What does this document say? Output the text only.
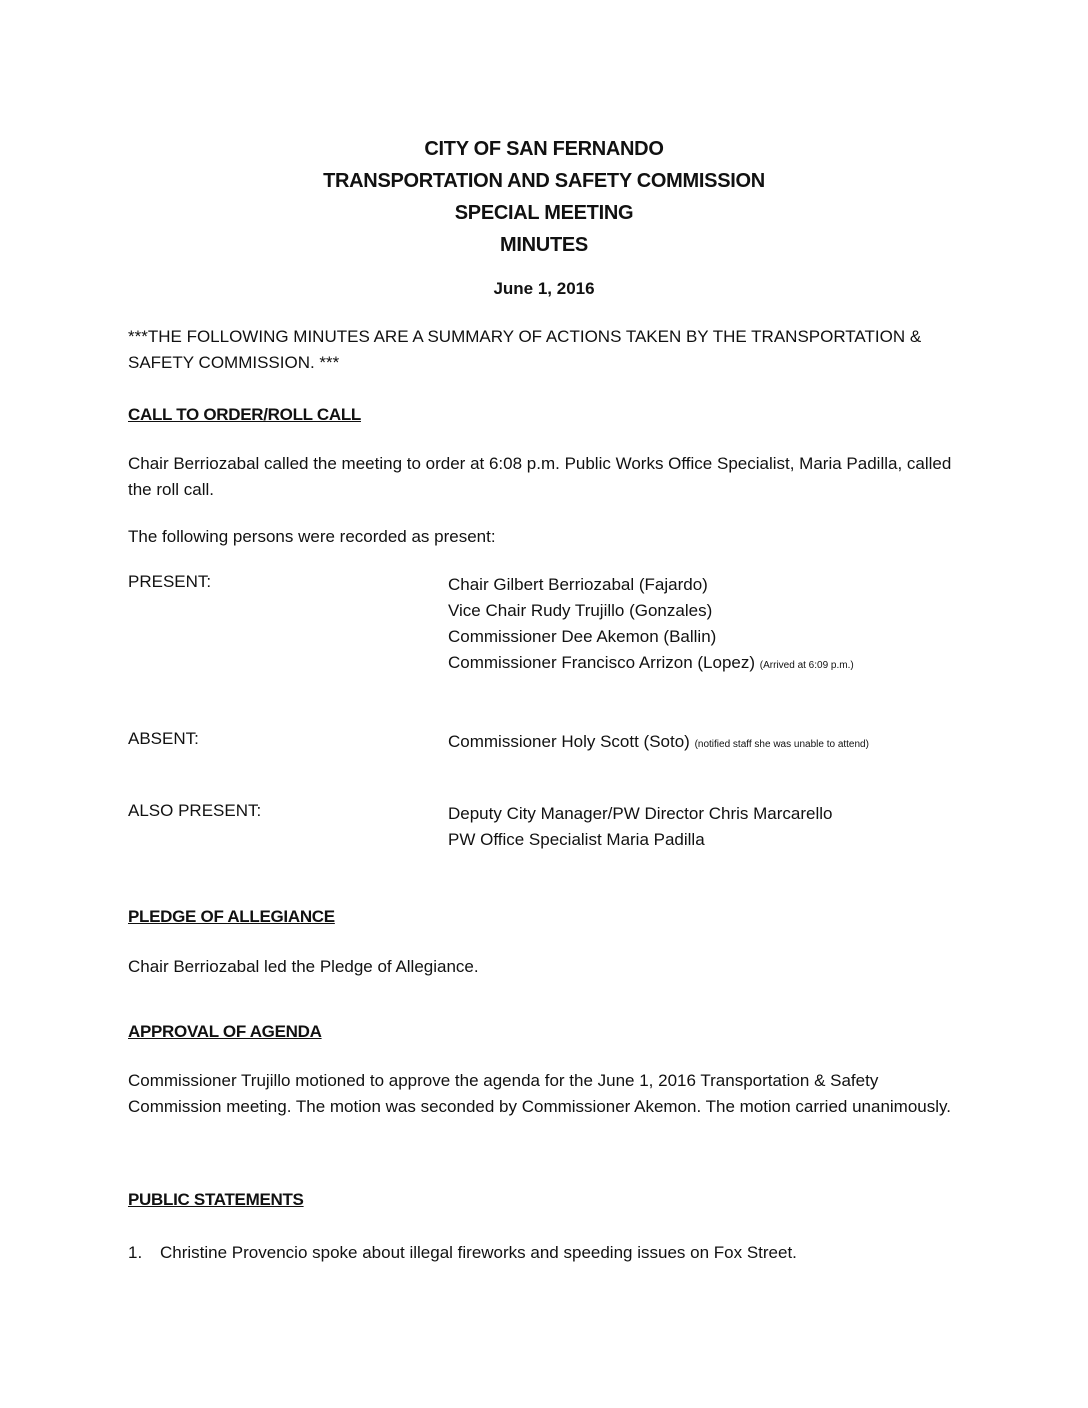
CITY OF SAN FERNANDO
TRANSPORTATION AND SAFETY COMMISSION
SPECIAL MEETING
MINUTES
June 1, 2016

***THE FOLLOWING MINUTES ARE A SUMMARY OF ACTIONS TAKEN BY THE TRANSPORTATION & SAFETY COMMISSION. ***

CALL TO ORDER/ROLL CALL

Chair Berriozabal called the meeting to order at 6:08 p.m. Public Works Office Specialist, Maria Padilla, called the roll call.

The following persons were recorded as present:

PRESENT:	Chair Gilbert Berriozabal (Fajardo)
Vice Chair Rudy Trujillo (Gonzales)
Commissioner Dee Akemon (Ballin)
Commissioner Francisco Arrizon (Lopez) (Arrived at 6:09 p.m.)
ABSENT:	Commissioner Holy Scott (Soto) (notified staff she was unable to attend)
ALSO PRESENT:	Deputy City Manager/PW Director Chris Marcarello
PW Office Specialist Maria Padilla
PLEDGE OF ALLEGIANCE

Chair Berriozabal led the Pledge of Allegiance.

APPROVAL OF AGENDA

Commissioner Trujillo motioned to approve the agenda for the June 1, 2016 Transportation & Safety Commission meeting. The motion was seconded by Commissioner Akemon. The motion carried unanimously.

PUBLIC STATEMENTS
1. Christine Provencio spoke about illegal fireworks and speeding issues on Fox Street.
